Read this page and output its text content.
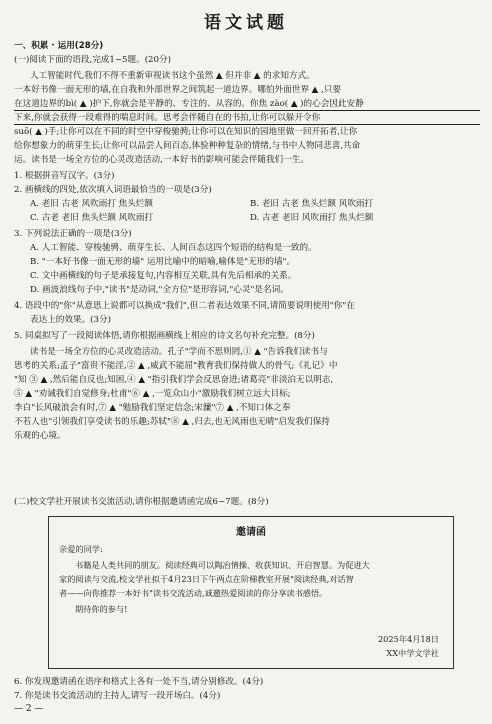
语文试题
一、积累 · 运用(28分)
(一)阅读下面的语段,完成1~5题。(20分)
人工智能时代,我们不得不重新审视读书这个虽然 ▲ 但并非 ▲ 的求知方式。
一本好书像一面无形的墙,在自我和外部世界之间筑起一道边界。哪怕外面世界 ▲ ,只要
在这道边界的bì( ▲ )护下,你就会是平静的、专注的、从容的。你焦 zào( ▲ )的心会因此安静
下来,你就会获得一段难得的喘息时间。思考会伴随自在的书拍,让你可以躲开令你
suō( ▲ )手;让你可以在不同的时空中穿梭驰骋;让你可以在知识的园地里做一回开拓者,让你
给你想象力的萌芽生长;让你可以品尝人间百态,体验种种复杂的情绪,与书中人物同悲喜,共命
运。读书是一场全方位的心灵改造活动,一本好书的影响可能会伴随我们一生。
1. 根据拼音写汉字。(3分)
2. 画横线的四处,依次填入词语最恰当的一项是(3分)
A. 老旧 古老 风吹雨打 焦头烂额	B. 老旧 古老 焦头烂额 风吹雨打
C. 古老 老旧 焦头烂额 风吹雨打	D. 古老 老旧 风吹雨打 焦头烂额
3. 下列说法正确的一项是(3分)
A. 人工智能、穿梭驰骋、萌芽生长、人间百态这四个短语的结构是一致的。
B. "一本好书像一面无形的墙" 运用比喻中的暗喻,喻体是"无形的墙"。
C. 文中画横线的句子是承接复句,内容相互关联,具有先后相承的关系。
D. 画波浪线句子中,"读书"是动词,"全方位"是形容词,"心灵"是名词。
4. 语段中的"你"从意思上说都可以换成"我们",但二者表达效果不同,请简要说明使用"你"在
表达上的效果。(3分)
5. 同桌拟写了一段阅读体悟,请你根据画横线上相应的诗文名句补充完整。(8分)
读书是一场全方位的心灵改造活动。孔子"学而不思则罔,① ▲ "告诉我们读书与
思考的关系;孟子"富贵不能淫,② ▲ ,威武不能屈"教育我们保持做人的骨气;《礼记》中
"知 ③ ▲ ,然后能自反也;知困,④ ▲ "指引我们学会反思奋进;诸葛亮"非淡泊无以明志,
⑤ ▲ "劝诫我们自觉修身;杜甫"⑥ ▲ ,一览众山小"激励我们树立远大目标;
李白"长风破浪会有时,⑦ ▲ "勉励我们坚定信念;宋濂"⑦ ▲ ,不知口体之奉
不若人也"引领我们享受读书的乐趣;苏轼"⑧ ▲ ,归去,也无风雨也无晴"启发我们保持
乐观的心境。
(二)校文学社开展读书交流活动,请你根据邀请函完成6~7题。(8分)
邀请函
亲爱的同学:
书籍是人类共同的朋友。阅读经典可以陶冶情操、收获知识、开启智慧。为促进大
家的阅读与交流,校文学社拟于4月23日下午两点在阶梯教室开展"阅读经典,对话智
者——向你推荐一本好书"读书交流活动,诚邀热爱阅读的你分享读书感悟。
期待你的参与!
2025年4月18日
XX中学文学社
6. 你发现邀请函在语序和格式上各有一处不当,请分别修改。(4分)
7. 你是读书交流活动的主持人,请写一段开场白。(4分)
— 2 —
